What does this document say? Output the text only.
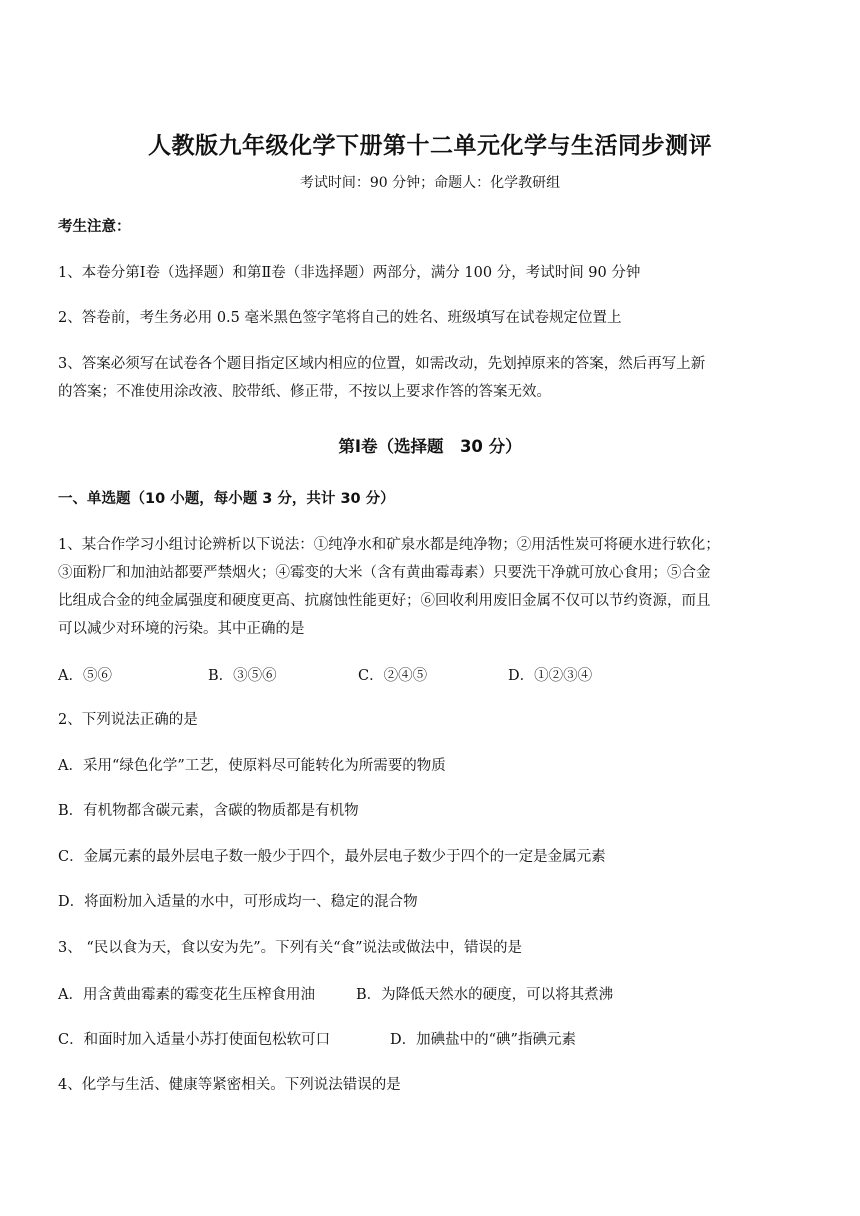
人教版九年级化学下册第十二单元化学与生活同步测评
考试时间：90 分钟；命题人：化学教研组
考生注意：
1、本卷分第Ⅰ卷（选择题）和第Ⅱ卷（非选择题）两部分，满分 100 分，考试时间 90 分钟
2、答卷前，考生务必用 0.5 毫米黑色签字笔将自己的姓名、班级填写在试卷规定位置上
3、答案必须写在试卷各个题目指定区域内相应的位置，如需改动，先划掉原来的答案，然后再写上新
的答案；不准使用涂改液、胶带纸、修正带，不按以上要求作答的答案无效。
第Ⅰ卷（选择题　30 分）
一、单选题（10 小题，每小题 3 分，共计 30 分）
1、某合作学习小组讨论辨析以下说法：①纯净水和矿泉水都是纯净物；②用活性炭可将硬水进行软化；
③面粉厂和加油站都要严禁烟火；④霉变的大米（含有黄曲霉毒素）只要洗干净就可放心食用；⑤合金
比组成合金的纯金属强度和硬度更高、抗腐蚀性能更好；⑥回收利用废旧金属不仅可以节约资源，而且
可以减少对环境的污染。其中正确的是
A．⑤⑥	B．③⑤⑥	C．②④⑤	D．①②③④
2、下列说法正确的是
A．采用“绿色化学”工艺，使原料尽可能转化为所需要的物质
B．有机物都含碳元素，含碳的物质都是有机物
C．金属元素的最外层电子数一般少于四个，最外层电子数少于四个的一定是金属元素
D．将面粉加入适量的水中，可形成均一、稳定的混合物
3、 “民以食为天，食以安为先”。下列有关“食”说法或做法中，错误的是
A．用含黄曲霉素的霉变花生压榨食用油	B．为降低天然水的硬度，可以将其煮沸
C．和面时加入适量小苏打使面包松软可口	D．加碘盐中的“碘”指碘元素
4、化学与生活、健康等紧密相关。下列说法错误的是
